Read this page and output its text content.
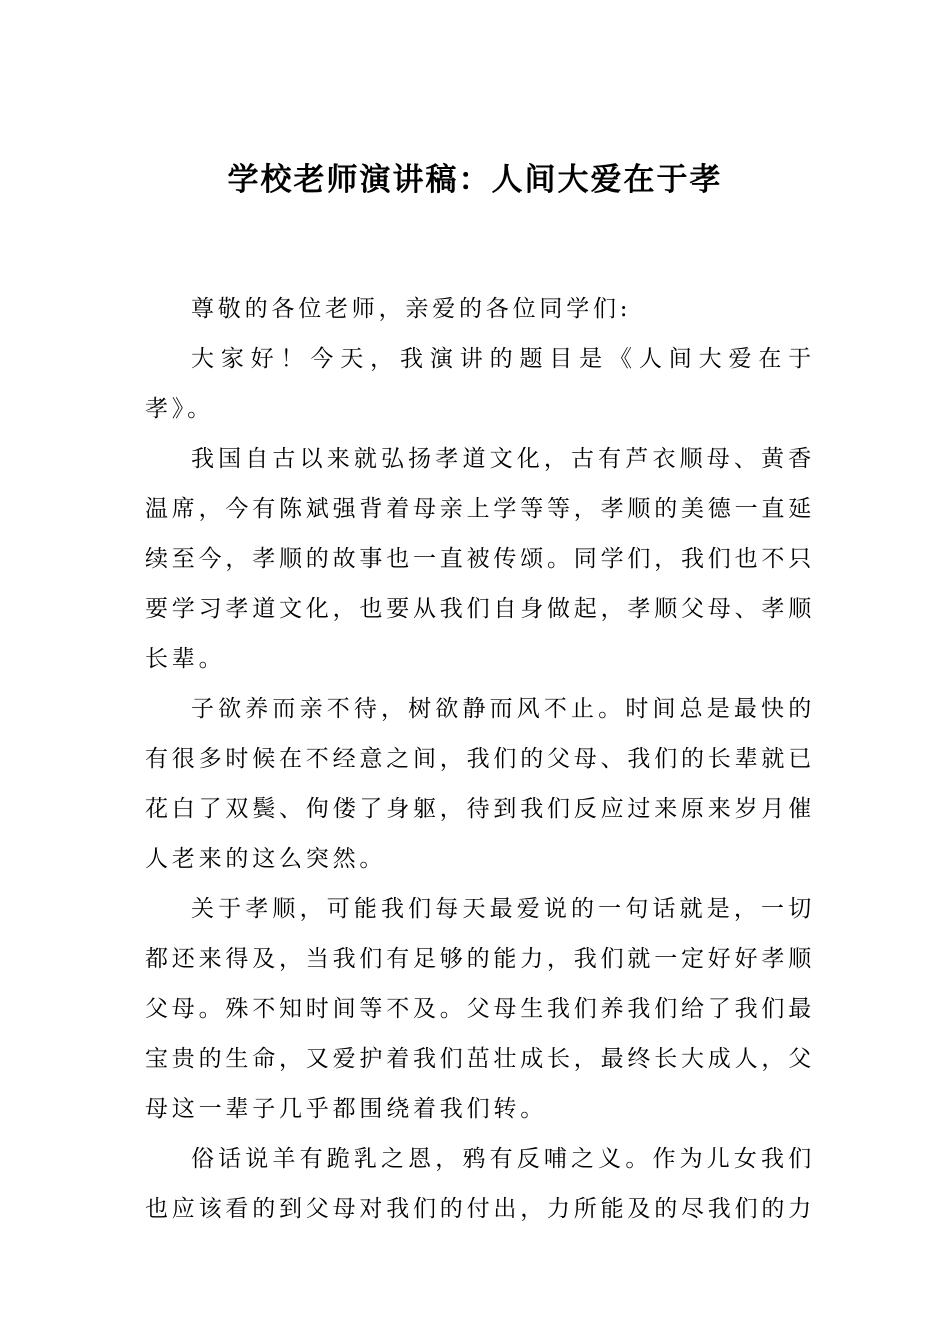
学校老师演讲稿：人间大爱在于孝

尊敬的各位老师，亲爱的各位同学们:

大家好！今天，我演讲的题目是《人间大爱在于孝》。

我国自古以来就弘扬孝道文化，古有芦衣顺母、黄香温席，今有陈斌强背着母亲上学等等，孝顺的美德一直延续至今，孝顺的故事也一直被传颂。同学们，我们也不只要学习孝道文化，也要从我们自身做起，孝顺父母、孝顺长辈。

子欲养而亲不待，树欲静而风不止。时间总是最快的有很多时候在不经意之间，我们的父母、我们的长辈就已花白了双鬓、佝偻了身躯，待到我们反应过来原来岁月催人老来的这么突然。

关于孝顺，可能我们每天最爱说的一句话就是，一切都还来得及，当我们有足够的能力，我们就一定好好孝顺父母。殊不知时间等不及。父母生我们养我们给了我们最宝贵的生命，又爱护着我们茁壮成长，最终长大成人，父母这一辈子几乎都围绕着我们转。

俗话说羊有跪乳之恩，鸦有反哺之义。作为儿女我们也应该看的到父母对我们的付出，力所能及的尽我们的力
